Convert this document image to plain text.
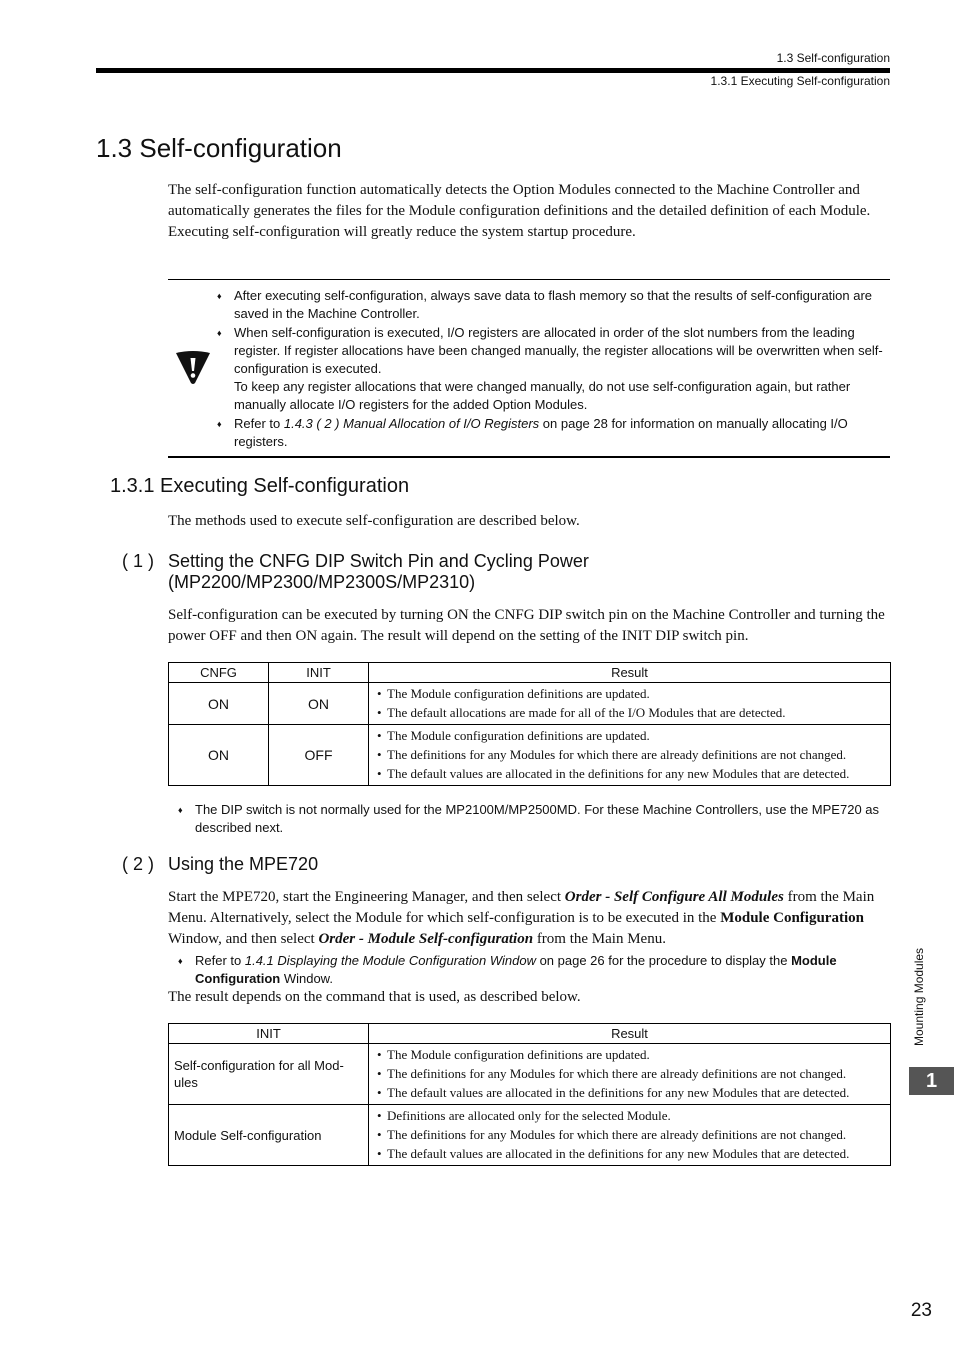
1.3 Self-configuration
1.3.1 Executing Self-configuration
1.3 Self-configuration

The self-configuration function automatically detects the Option Modules connected to the Machine Controller and automatically generates the files for the Module configuration definitions and the detailed definition of each Module. Executing self-configuration will greatly reduce the system startup procedure.

♦ After executing self-configuration, always save data to flash memory so that the results of self-configuration are saved in the Machine Controller.
♦ When self-configuration is executed, I/O registers are allocated in order of the slot numbers from the leading register. If register allocations have been changed manually, the register allocations will be overwritten when self-configuration is executed.
To keep any register allocations that were changed manually, do not use self-configuration again, but rather manually allocate I/O registers for the added Option Modules.
♦ Refer to 1.4.3 ( 2 ) Manual Allocation of I/O Registers on page 28 for information on manually allocating I/O registers.
1.3.1 Executing Self-configuration

The methods used to execute self-configuration are described below.

( 1 ) Setting the CNFG DIP Switch Pin and Cycling Power
(MP2200/MP2300/MP2300S/MP2310)

Self-configuration can be executed by turning ON the CNFG DIP switch pin on the Machine Controller and turning the power OFF and then ON again. The result will depend on the setting of the INIT DIP switch pin.

CNFG	INIT	Result
ON	ON	• The Module configuration definitions are updated.
• The default allocations are made for all of the I/O Modules that are detected.

ON	OFF	• The Module configuration definitions are updated.
• The definitions for any Modules for which there are already definitions are not changed.
• The default values are allocated in the definitions for any new Modules that are detected.
♦ The DIP switch is not normally used for the MP2100M/MP2500MD. For these Machine Controllers, use the MPE720 as described next.
( 2 ) Using the MPE720

Start the MPE720, start the Engineering Manager, and then select Order - Self Configure All Modules from the Main Menu. Alternatively, select the Module for which self-configuration is to be executed in the Module Configuration Window, and then select Order - Module Self-configuration from the Main Menu.

♦ Refer to 1.4.1 Displaying the Module Configuration Window on page 26 for the procedure to display the Module Configuration Window.

The result depends on the command that is used, as described below.

INIT	Result

Self-configuration for all Mod-ules	• The Module configuration definitions are updated.
• The definitions for any Modules for which there are already definitions are not changed.
• The default values are allocated in the definitions for any new Modules that are detected.

Module Self-configuration	• Definitions are allocated only for the selected Module.
• The definitions for any Modules for which there are already definitions are not changed.
• The default values are allocated in the definitions for any new Modules that are detected.
Mounting Modules
1
23
